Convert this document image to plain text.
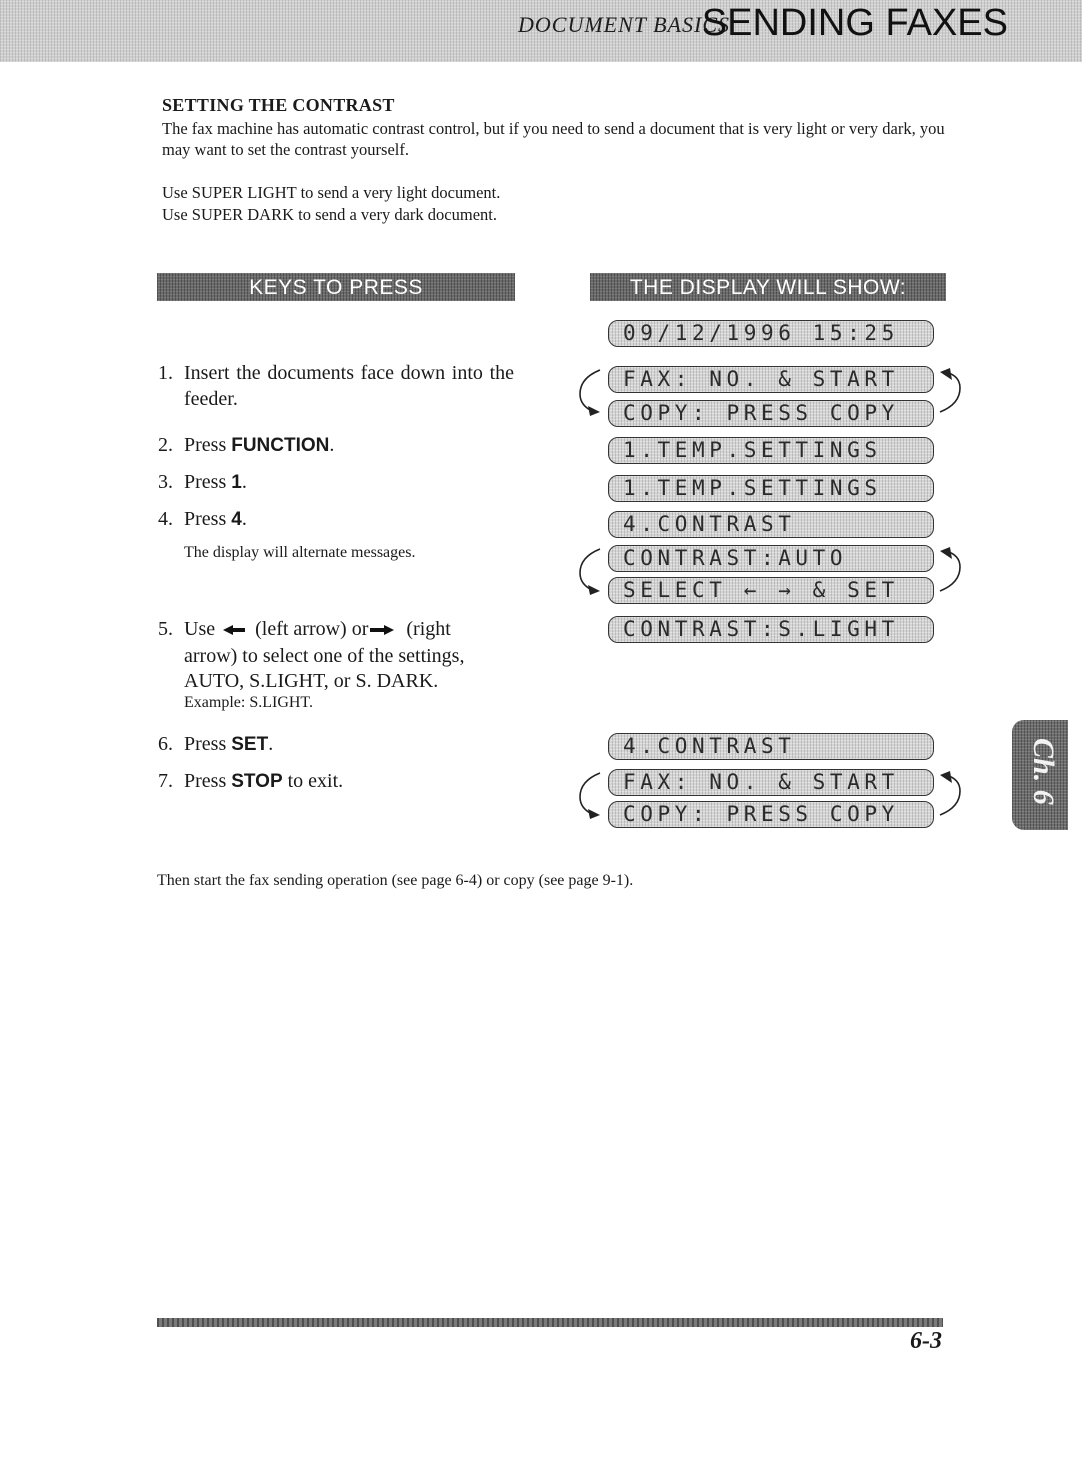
DOCUMENT BASICS
SENDING FAXES
SETTING THE CONTRAST
The fax machine has automatic contrast control, but if you need to send a document that is very light or very dark, you may want to set the contrast yourself.
Use SUPER LIGHT to send a very light document.
Use SUPER DARK to send a very dark document.
KEYS TO PRESS	THE DISPLAY WILL SHOW:
1. Insert the documents face down into the feeder.
2. Press FUNCTION.
3. Press 1.
4. Press 4.
The display will alternate messages.
5. Use (left arrow) or (right
arrow) to select one of the settings,
AUTO, S.LIGHT, or S. DARK.
Example: S.LIGHT.
6. Press SET.
7. Press STOP to exit.
09/12/1996 15:25
FAX: NO. & START
COPY: PRESS COPY
1.TEMP.SETTINGS
1.TEMP.SETTINGS
4.CONTRAST
CONTRAST:AUTO
SELECT ← → & SET
CONTRAST:S.LIGHT
4.CONTRAST
FAX: NO. & START
COPY: PRESS COPY
Ch. 6
Then start the fax sending operation (see page 6-4) or copy (see page 9-1).
6-3
